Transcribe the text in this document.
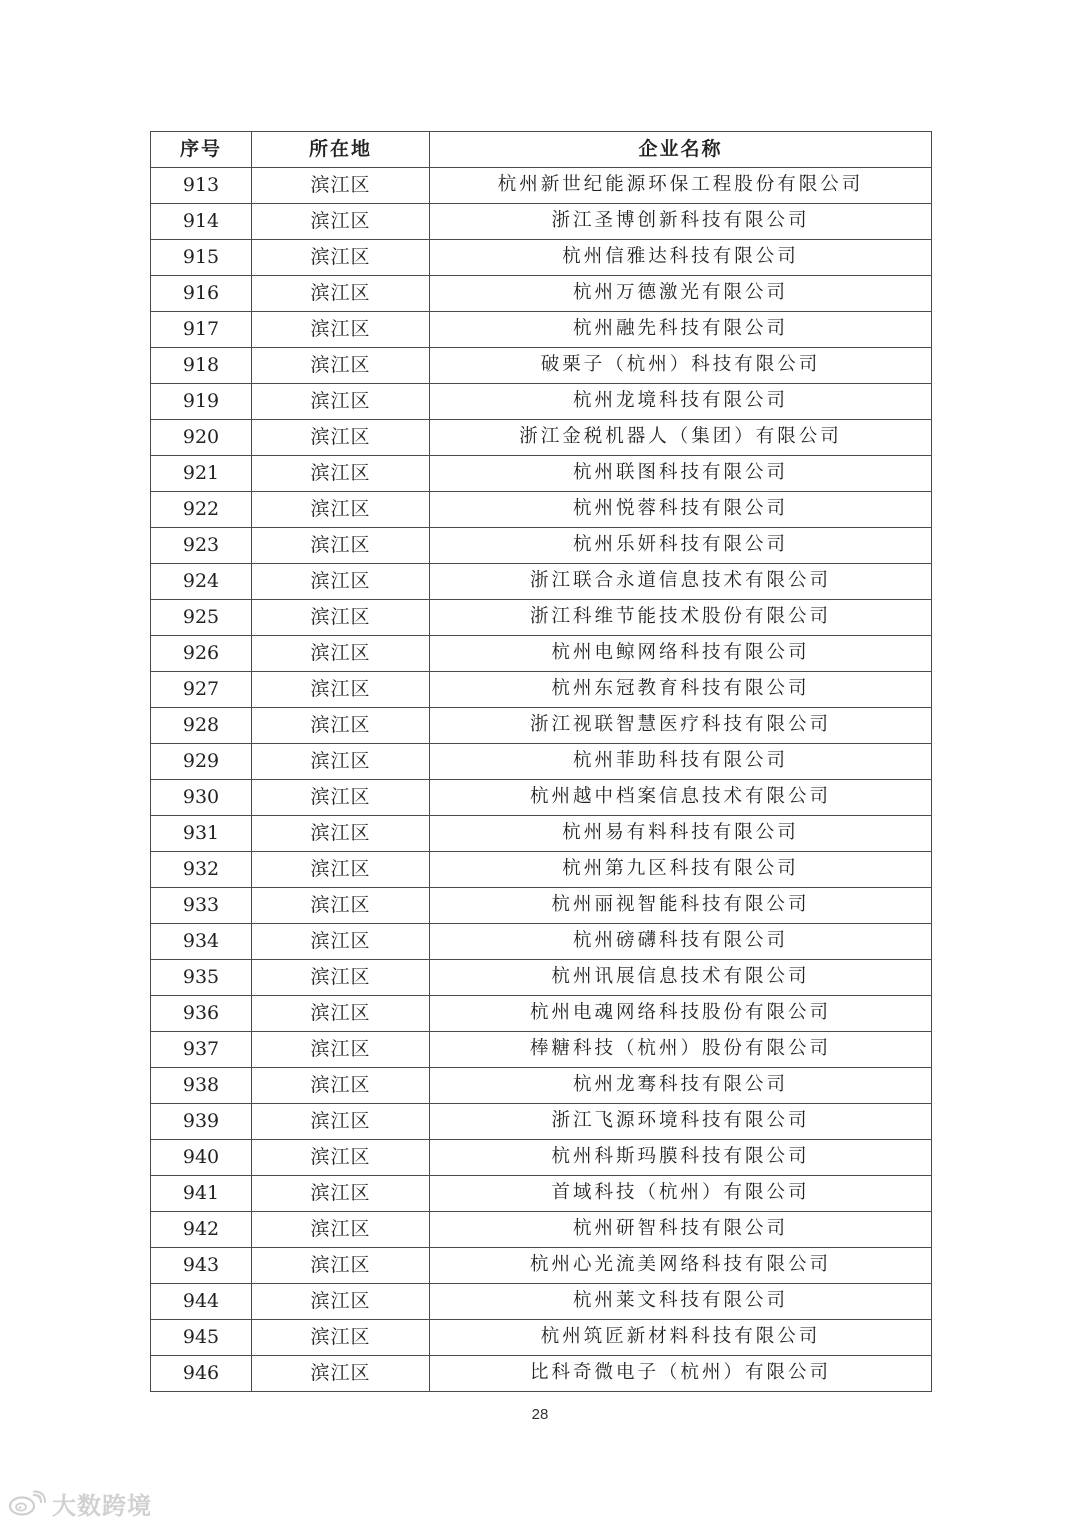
序号	所在地	企业名称
913	滨江区	杭州新世纪能源环保工程股份有限公司
914	滨江区	浙江圣博创新科技有限公司
915	滨江区	杭州信雅达科技有限公司
916	滨江区	杭州万德激光有限公司
917	滨江区	杭州融先科技有限公司
918	滨江区	破栗子（杭州）科技有限公司
919	滨江区	杭州龙境科技有限公司
920	滨江区	浙江金税机器人（集团）有限公司
921	滨江区	杭州联图科技有限公司
922	滨江区	杭州悦蓉科技有限公司
923	滨江区	杭州乐妍科技有限公司
924	滨江区	浙江联合永道信息技术有限公司
925	滨江区	浙江科维节能技术股份有限公司
926	滨江区	杭州电鲸网络科技有限公司
927	滨江区	杭州东冠教育科技有限公司
928	滨江区	浙江视联智慧医疗科技有限公司
929	滨江区	杭州菲助科技有限公司
930	滨江区	杭州越中档案信息技术有限公司
931	滨江区	杭州易有料科技有限公司
932	滨江区	杭州第九区科技有限公司
933	滨江区	杭州丽视智能科技有限公司
934	滨江区	杭州磅礴科技有限公司
935	滨江区	杭州讯展信息技术有限公司
936	滨江区	杭州电魂网络科技股份有限公司
937	滨江区	棒糖科技（杭州）股份有限公司
938	滨江区	杭州龙骞科技有限公司
939	滨江区	浙江飞源环境科技有限公司
940	滨江区	杭州科斯玛膜科技有限公司
941	滨江区	首域科技（杭州）有限公司
942	滨江区	杭州研智科技有限公司
943	滨江区	杭州心光流美网络科技有限公司
944	滨江区	杭州莱文科技有限公司
945	滨江区	杭州筑匠新材料科技有限公司
946	滨江区	比科奇微电子（杭州）有限公司
28
大数跨境
